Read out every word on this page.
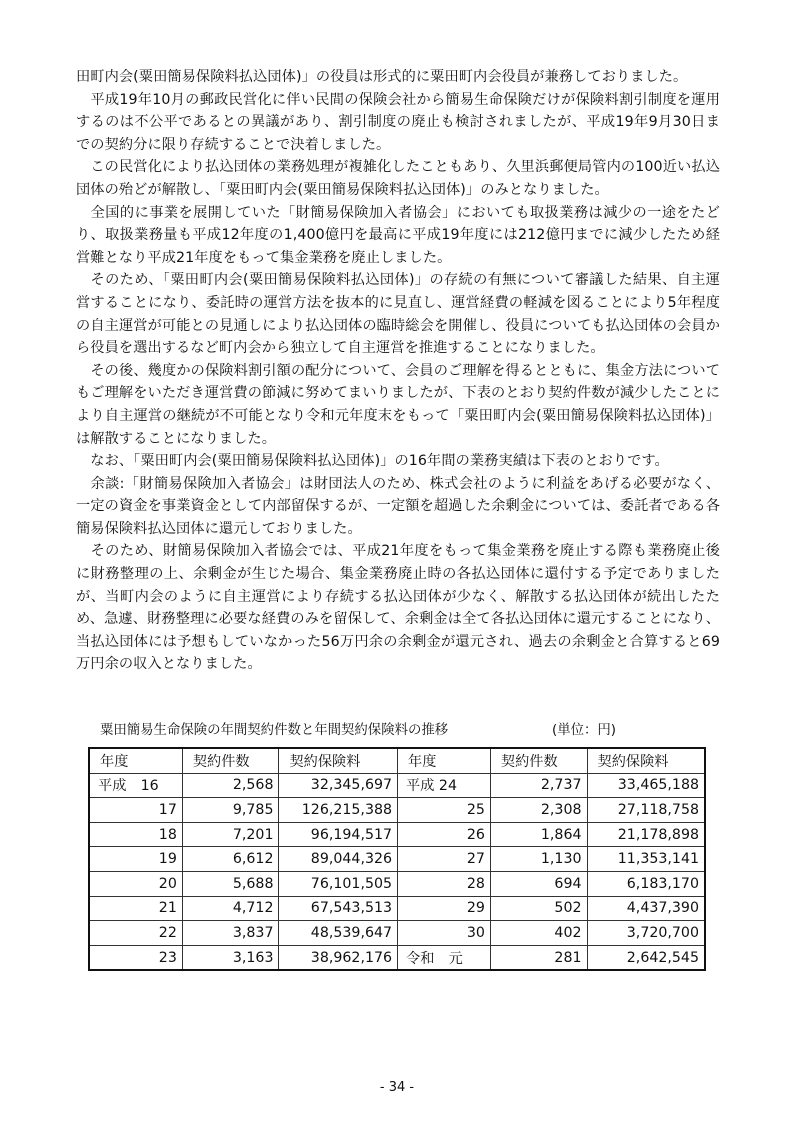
田町内会(粟田簡易保険料払込団体)」の役員は形式的に粟田町内会役員が兼務しておりました。

　平成19年10月の郵政民営化に伴い民間の保険会社から簡易生命保険だけが保険料割引制度を運用するのは不公平であるとの異議があり、割引制度の廃止も検討されましたが、平成19年9月30日までの契約分に限り存続することで決着しました。

　この民営化により払込団体の業務処理が複雑化したこともあり、久里浜郵便局管内の100近い払込団体の殆どが解散し、「粟田町内会(粟田簡易保険料払込団体)」のみとなりました。

　全国的に事業を展開していた「財簡易保険加入者協会」においても取扱業務は減少の一途をたどり、取扱業務量も平成12年度の1,400億円を最高に平成19年度には212億円までに減少したため経営難となり平成21年度をもって集金業務を廃止しました。

　そのため、「粟田町内会(粟田簡易保険料払込団体)」の存続の有無について審議した結果、自主運営することになり、委託時の運営方法を抜本的に見直し、運営経費の軽減を図ることにより5年程度の自主運営が可能との見通しにより払込団体の臨時総会を開催し、役員についても払込団体の会員から役員を選出するなど町内会から独立して自主運営を推進することになりました。

　その後、幾度かの保険料割引額の配分について、会員のご理解を得るとともに、集金方法についてもご理解をいただき運営費の節減に努めてまいりましたが、下表のとおり契約件数が減少したことにより自主運営の継続が不可能となり令和元年度末をもって「粟田町内会(粟田簡易保険料払込団体)」は解散することになりました。

　なお、「粟田町内会(粟田簡易保険料払込団体)」の16年間の業務実績は下表のとおりです。

　余談:「財簡易保険加入者協会」は財団法人のため、株式会社のように利益をあげる必要がなく、一定の資金を事業資金として内部留保するが、一定額を超過した余剰金については、委託者である各簡易保険料払込団体に還元しておりました。

　そのため、財簡易保険加入者協会では、平成21年度をもって集金業務を廃止する際も業務廃止後に財務整理の上、余剰金が生じた場合、集金業務廃止時の各払込団体に還付する予定でありましたが、当町内会のように自主運営により存続する払込団体が少なく、解散する払込団体が続出したため、急遽、財務整理に必要な経費のみを留保して、余剰金は全て各払込団体に還元することになり、当払込団体には予想もしていなかった56万円余の余剰金が還元され、過去の余剰金と合算すると69万円余の収入となりました。

粟田簡易生命保険の年間契約件数と年間契約保険料の推移	(単位：円)
年度	契約件数	契約保険料	年度	契約件数	契約保険料
平成　16	2,568	32,345,697	平成 24	2,737	33,465,188
17	9,785	126,215,388	25	2,308	27,118,758
18	7,201	96,194,517	26	1,864	21,178,898
19	6,612	89,044,326	27	1,130	11,353,141
20	5,688	76,101,505	28	694	6,183,170
21	4,712	67,543,513	29	502	4,437,390
22	3,837	48,539,647	30	402	3,720,700
23	3,163	38,962,176	令和　元	281	2,642,545
- 34 -
